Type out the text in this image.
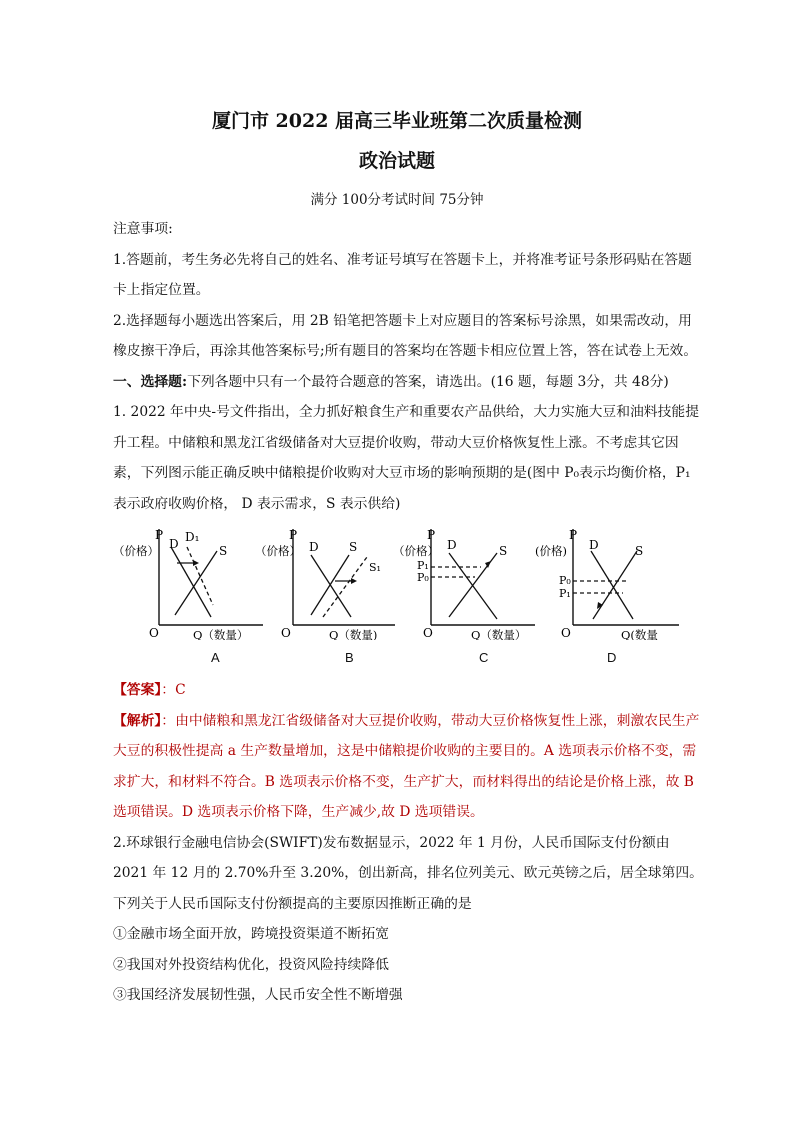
厦门市 2022 届高三毕业班第二次质量检测
政治试题
满分 100分考试时间 75分钟

注意事项:

1.答题前，考生务必先将自己的姓名、准考证号填写在答题卡上，并将准考证号条形码贴在答题卡上指定位置。

2.选择题每小题选出答案后，用 2B 铅笔把答题卡上对应题目的答案标号涂黑，如果需改动，用橡皮擦干净后，再涂其他答案标号;所有题目的答案均在答题卡相应位置上答，答在试卷上无效。

一、选择题:下列各题中只有一个最符合题意的答案，请选出。(16 题，每题 3分，共 48分)

1. 2022 年中央-号文件指出，全力抓好粮食生产和重要农产品供给，大力实施大豆和油料技能提升工程。中储粮和黑龙江省级储备对大豆提价收购，带动大豆价格恢复性上涨。不考虑其它因素，下列图示能正确反映中储粮提价收购对大豆市场的影响预期的是(图中 P₀表示均衡价格，P₁表示政府收购价格， D 表示需求，S 表示供给)

P
（价格）
O	Q（数量）
D D₁
S
A
P
（价格）
O	Q（数量)
D	S
S₁
B
P
（价格）
O	Q（数量）
P₁
P₀
D	S
C
P
(价格)
O	Q(数量
P₀
P₁
D	S
D

【答案】：C

【解析】：由中储粮和黑龙江省级储备对大豆提价收购，带动大豆价格恢复性上涨，刺激农民生产大豆的积极性提高 a 生产数量增加，这是中储粮提价收购的主要目的。A 选项表示价格不变，需求扩大，和材料不符合。B 选项表示价格不变，生产扩大，而材料得出的结论是价格上涨，故 B 选项错误。D 选项表示价格下降，生产减少,故 D 选项错误。

2.环球银行金融电信协会(SWIFT)发布数据显示，2022 年 1 月份，人民币国际支付份额由 2021 年 12 月的 2.70%升至 3.20%，创出新高，排名位列美元、欧元英镑之后，居全球第四。下列关于人民币国际支付份额提高的主要原因推断正确的是

①金融市场全面开放，跨境投资渠道不断拓宽

②我国对外投资结构优化，投资风险持续降低

③我国经济发展韧性强，人民币安全性不断增强
